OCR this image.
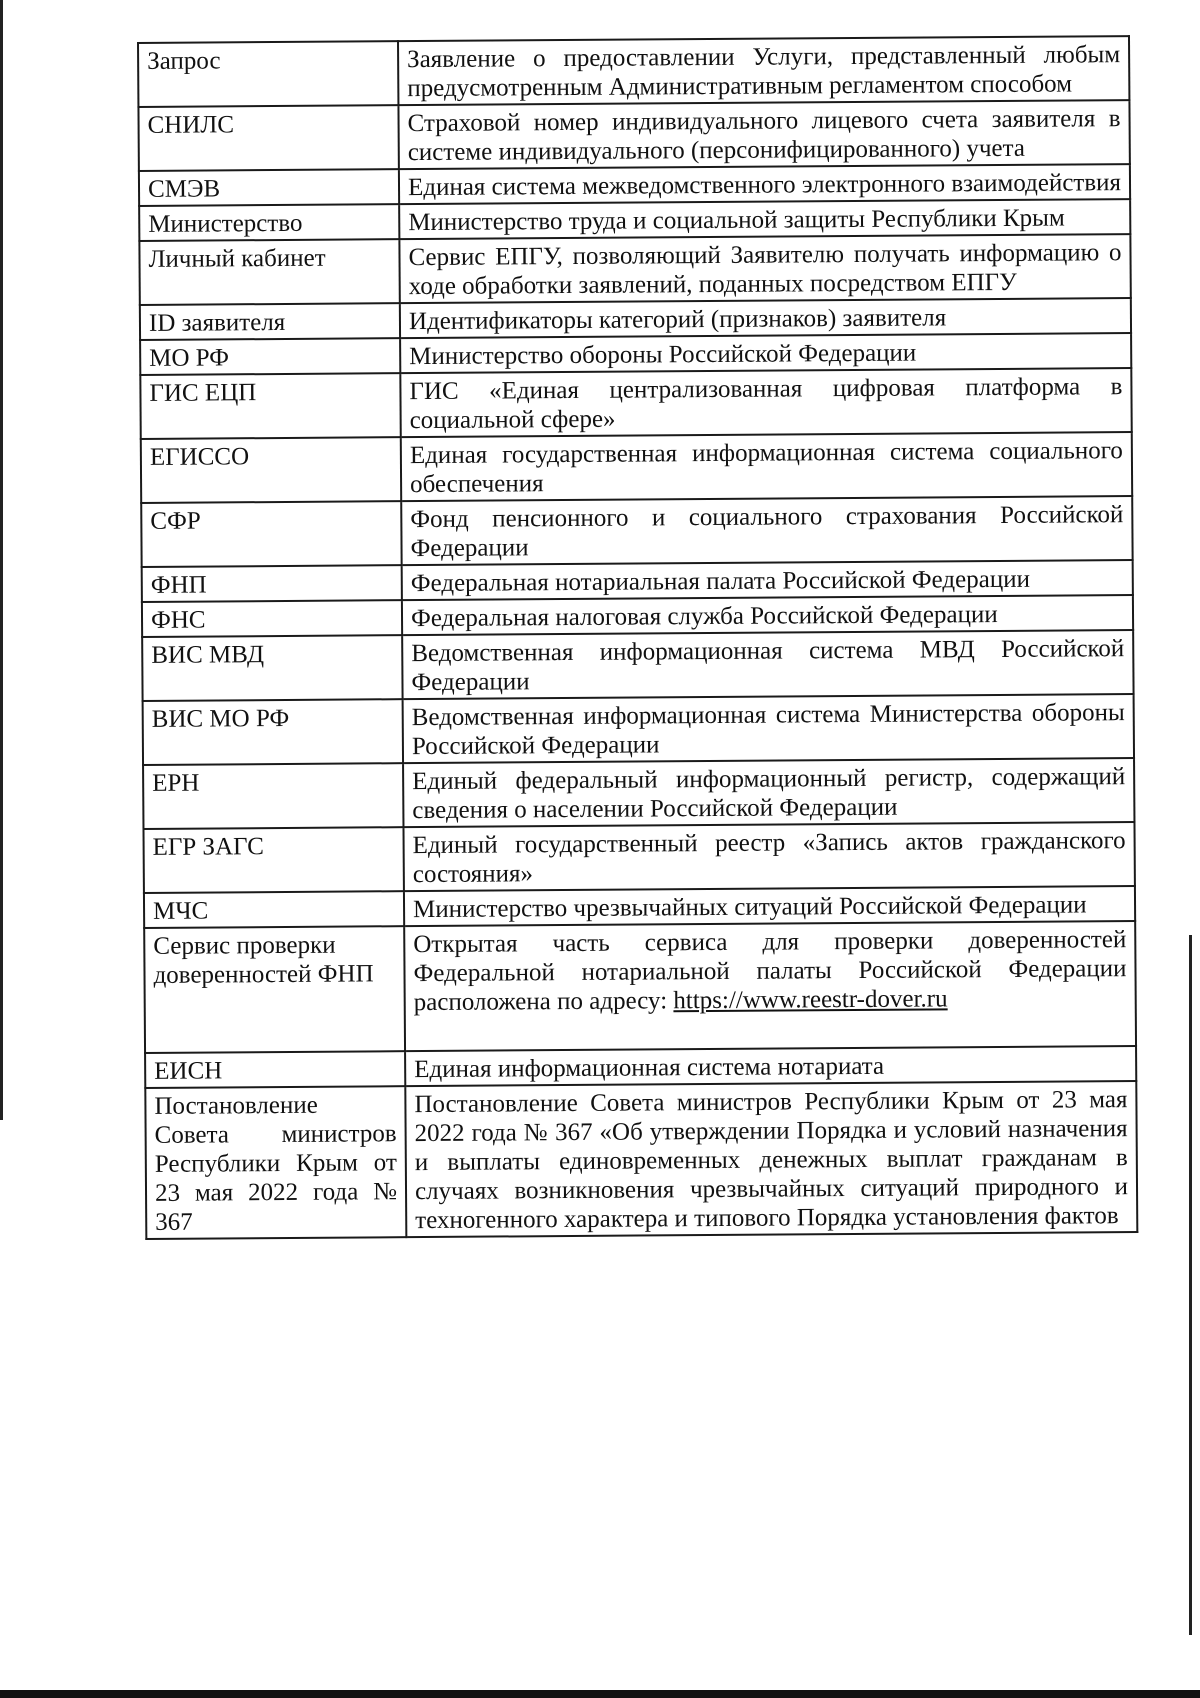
Запрос	Заявление о предоставлении Услуги, представленный любым предусмотренным Административным регламентом способом
СНИЛС	Страховой номер индивидуального лицевого счета заявителя в системе индивидуального (персонифицированного) учета
СМЭВ	Единая система межведомственного электронного взаимодействия
Министерство	Министерство труда и социальной защиты Республики Крым
Личный кабинет	Сервис ЕПГУ, позволяющий Заявителю получать информацию о ходе обработки заявлений, поданных посредством ЕПГУ
ID заявителя	Идентификаторы категорий (признаков) заявителя
МО РФ	Министерство обороны Российской Федерации
ГИС ЕЦП	ГИС «Единая централизованная цифровая платформа в социальной сфере»
ЕГИССО	Единая государственная информационная система социального обеспечения
СФР	Фонд пенсионного и социального страхования Российской Федерации
ФНП	Федеральная нотариальная палата Российской Федерации
ФНС	Федеральная налоговая служба Российской Федерации
ВИС МВД	Ведомственная информационная система МВД Российской Федерации
ВИС МО РФ	Ведомственная информационная система Министерства обороны Российской Федерации
ЕРН	Единый федеральный информационный регистр, содержащий сведения о населении Российской Федерации
ЕГР ЗАГС	Единый государственный реестр «Запись актов гражданского состояния»
МЧС	Министерство чрезвычайных ситуаций Российской Федерации
Сервис проверки доверенностей ФНП	Открытая часть сервиса для проверки доверенностей Федеральной нотариальной палаты Российской Федерации расположена по адресу: https://www.reestr-dover.ru
ЕИСН	Единая информационная система нотариата
Постановление Совета министров Республики Крым от 23 мая 2022 года № 367	Постановление Совета министров Республики Крым от 23 мая 2022 года № 367 «Об утверждении Порядка и условий назначения и выплаты единовременных денежных выплат гражданам в случаях возникновения чрезвычайных ситуаций природного и техногенного характера и типового Порядка установления фактов
